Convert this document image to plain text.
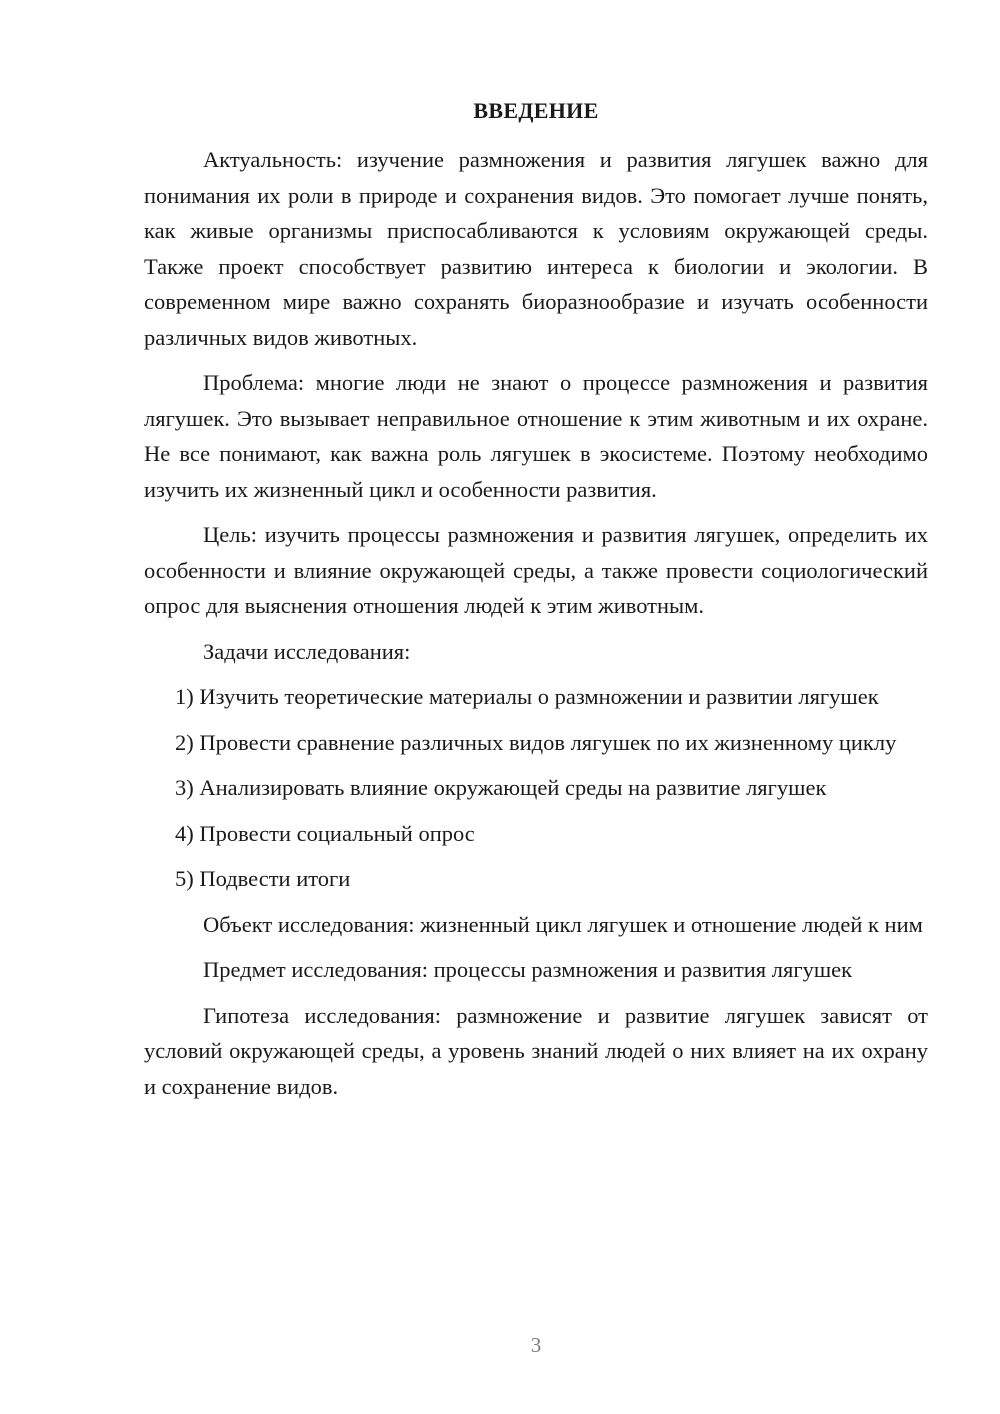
ВВЕДЕНИЕ

Актуальность: изучение размножения и развития лягушек важно для понимания их роли в природе и сохранения видов. Это помогает лучше понять, как живые организмы приспосабливаются к условиям окружающей среды. Также проект способствует развитию интереса к биологии и экологии. В современном мире важно сохранять биоразнообразие и изучать особенности различных видов животных.

Проблема: многие люди не знают о процессе размножения и развития лягушек. Это вызывает неправильное отношение к этим животным и их охране. Не все понимают, как важна роль лягушек в экосистеме. Поэтому необходимо изучить их жизненный цикл и особенности развития.

Цель: изучить процессы размножения и развития лягушек, определить их особенности и влияние окружающей среды, а также провести социологический опрос для выяснения отношения людей к этим животным.

Задачи исследования:

1) Изучить теоретические материалы о размножении и развитии лягушек

2) Провести сравнение различных видов лягушек по их жизненному циклу

3) Анализировать влияние окружающей среды на развитие лягушек

4) Провести социальный опрос

5) Подвести итоги

Объект исследования: жизненный цикл лягушек и отношение людей к ним

Предмет исследования: процессы размножения и развития лягушек

Гипотеза исследования: размножение и развитие лягушек зависят от условий окружающей среды, а уровень знаний людей о них влияет на их охрану и сохранение видов.

3
